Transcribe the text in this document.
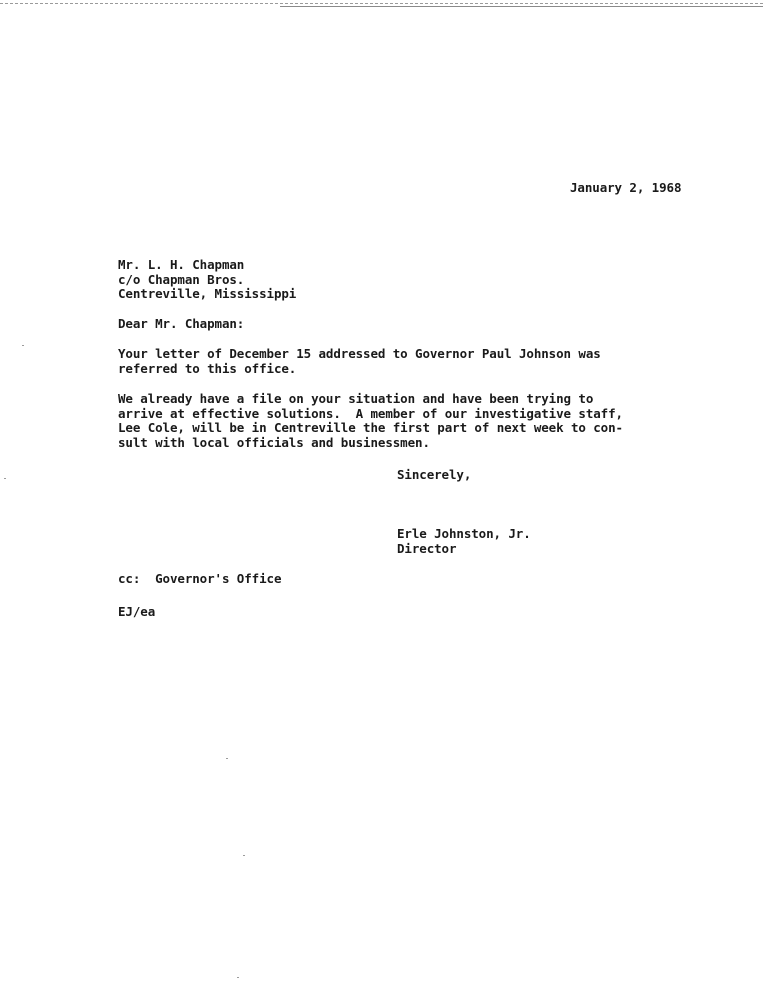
January 2, 1968
Mr. L. H. Chapman
c/o Chapman Bros.
Centreville, Mississippi
Dear Mr. Chapman:
Your letter of December 15 addressed to Governor Paul Johnson was
referred to this office.
We already have a file on your situation and have been trying to
arrive at effective solutions.  A member of our investigative staff,
Lee Cole, will be in Centreville the first part of next week to con-
sult with local officials and businessmen.
Sincerely,
Erle Johnston, Jr.
Director
cc:  Governor's Office
EJ/ea
